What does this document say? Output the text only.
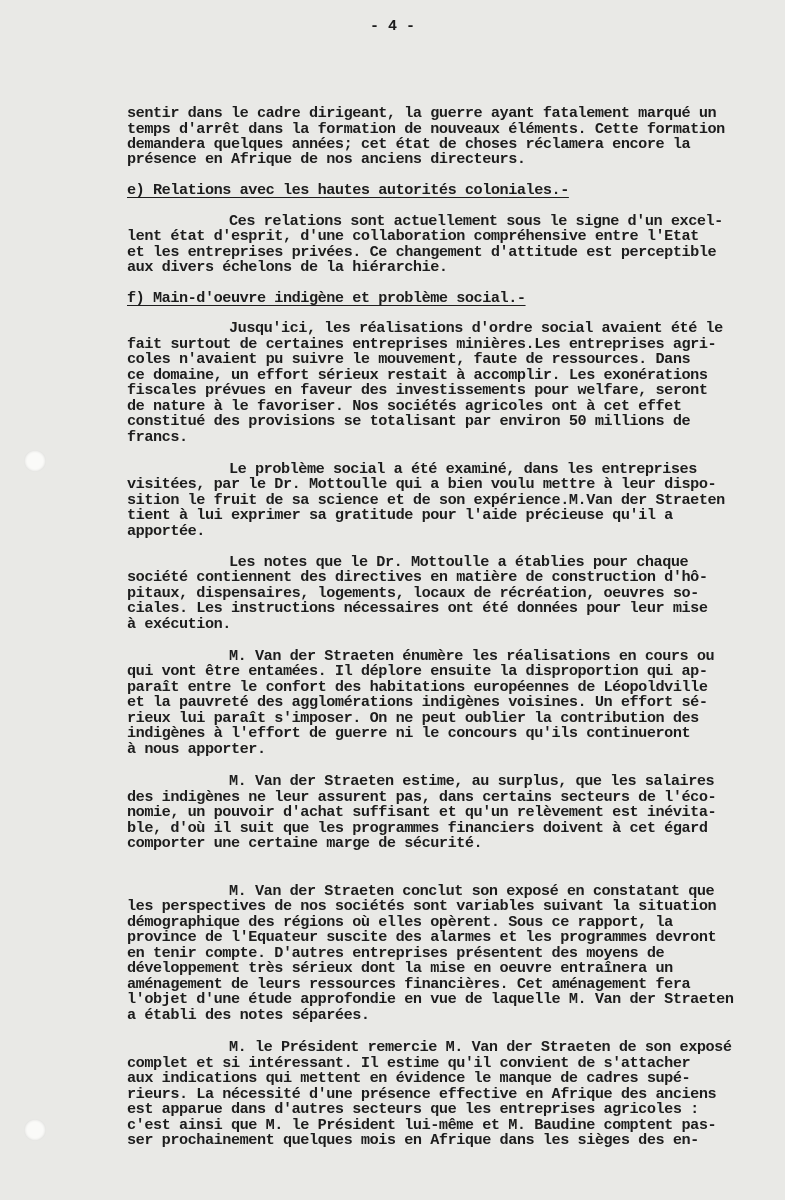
- 4 -
sentir dans le cadre dirigeant, la guerre ayant fatalement marqué un
temps d'arrêt dans la formation de nouveaux éléments. Cette formation
demandera quelques années; cet état de choses réclamera encore la
présence en Afrique de nos anciens directeurs.
e) Relations avec les hautes autorités coloniales.-
Ces relations sont actuellement sous le signe d'un excel-
lent état d'esprit, d'une collaboration compréhensive entre l'Etat
et les entreprises privées. Ce changement d'attitude est perceptible
aux divers échelons de la hiérarchie.
f) Main-d'oeuvre indigène et problème social.-
Jusqu'ici, les réalisations d'ordre social avaient été le
fait surtout de certaines entreprises minières.Les entreprises agri-
coles n'avaient pu suivre le mouvement, faute de ressources. Dans
ce domaine, un effort sérieux restait à accomplir. Les exonérations
fiscales prévues en faveur des investissements pour welfare, seront
de nature à le favoriser. Nos sociétés agricoles ont à cet effet
constitué des provisions se totalisant par environ 50 millions de
francs.
Le problème social a été examiné, dans les entreprises
visitées, par le Dr. Mottoulle qui a bien voulu mettre à leur dispo-
sition le fruit de sa science et de son expérience.M.Van der Straeten
tient à lui exprimer sa gratitude pour l'aide précieuse qu'il a
apportée.
Les notes que le Dr. Mottoulle a établies pour chaque
société contiennent des directives en matière de construction d'hô-
pitaux, dispensaires, logements, locaux de récréation, oeuvres so-
ciales. Les instructions nécessaires ont été données pour leur mise
à exécution.
M. Van der Straeten énumère les réalisations en cours ou
qui vont être entamées. Il déplore ensuite la disproportion qui ap-
paraît entre le confort des habitations européennes de Léopoldville
et la pauvreté des agglomérations indigènes voisines. Un effort sé-
rieux lui paraît s'imposer. On ne peut oublier la contribution des
indigènes à l'effort de guerre ni le concours qu'ils continueront
à nous apporter.
M. Van der Straeten estime, au surplus, que les salaires
des indigènes ne leur assurent pas, dans certains secteurs de l'éco-
nomie, un pouvoir d'achat suffisant et qu'un relèvement est inévita-
ble, d'où il suit que les programmes financiers doivent à cet égard
comporter une certaine marge de sécurité.
M. Van der Straeten conclut son exposé en constatant que
les perspectives de nos sociétés sont variables suivant la situation
démographique des régions où elles opèrent. Sous ce rapport, la
province de l'Equateur suscite des alarmes et les programmes devront
en tenir compte. D'autres entreprises présentent des moyens de
développement très sérieux dont la mise en oeuvre entraînera un
aménagement de leurs ressources financières. Cet aménagement fera
l'objet d'une étude approfondie en vue de laquelle M. Van der Straeten
a établi des notes séparées.
M. le Président remercie M. Van der Straeten de son exposé
complet et si intéressant. Il estime qu'il convient de s'attacher
aux indications qui mettent en évidence le manque de cadres supé-
rieurs. La nécessité d'une présence effective en Afrique des anciens
est apparue dans d'autres secteurs que les entreprises agricoles :
c'est ainsi que M. le Président lui-même et M. Baudine comptent pas-
ser prochainement quelques mois en Afrique dans les sièges des en-
